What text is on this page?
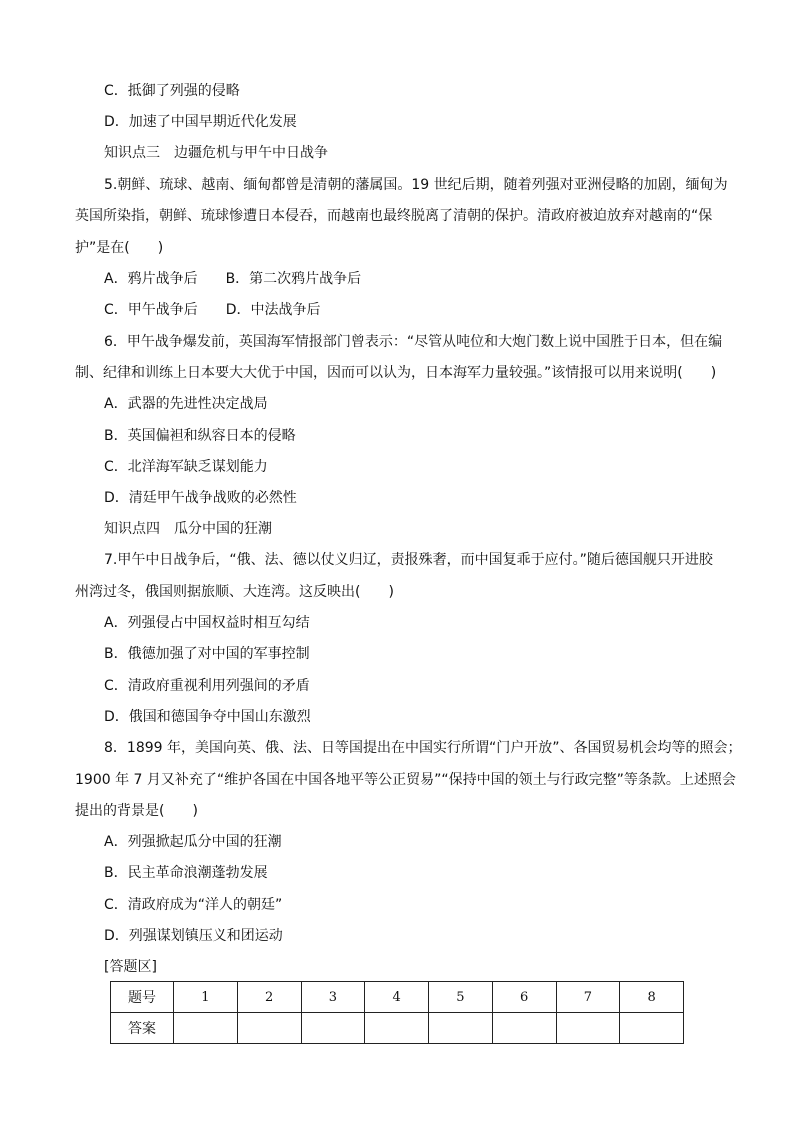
C．抵御了列强的侵略
D．加速了中国早期近代化发展
知识点三　边疆危机与甲午中日战争
5.朝鲜、琉球、越南、缅甸都曾是清朝的藩属国。19 世纪后期，随着列强对亚洲侵略的加剧，缅甸为
英国所染指，朝鲜、琉球惨遭日本侵吞，而越南也最终脱离了清朝的保护。清政府被迫放弃对越南的“保
护”是在(　　)
A．鸦片战争后　　B．第二次鸦片战争后
C．甲午战争后　　D．中法战争后
6．甲午战争爆发前，英国海军情报部门曾表示：“尽管从吨位和大炮门数上说中国胜于日本，但在编
制、纪律和训练上日本要大大优于中国，因而可以认为，日本海军力量较强。”该情报可以用来说明(　　)
A．武器的先进性决定战局
B．英国偏袒和纵容日本的侵略
C．北洋海军缺乏谋划能力
D．清廷甲午战争战败的必然性
知识点四　瓜分中国的狂潮
7.甲午中日战争后，“俄、法、德以仗义归辽，责报殊奢，而中国复乖于应付。”随后德国舰只开进胶
州湾过冬，俄国则据旅顺、大连湾。这反映出(　　)
A．列强侵占中国权益时相互勾结
B．俄德加强了对中国的军事控制
C．清政府重视利用列强间的矛盾
D．俄国和德国争夺中国山东激烈
8．1899 年，美国向英、俄、法、日等国提出在中国实行所谓“门户开放”、各国贸易机会均等的照会；
1900 年 7 月又补充了“维护各国在中国各地平等公正贸易”“保持中国的领土与行政完整”等条款。上述照会
提出的背景是(　　)
A．列强掀起瓜分中国的狂潮
B．民主革命浪潮蓬勃发展
C．清政府成为“洋人的朝廷”
D．列强谋划镇压义和团运动
[答题区]
题号	1	2	3	4	5	6	7	8
答案								
